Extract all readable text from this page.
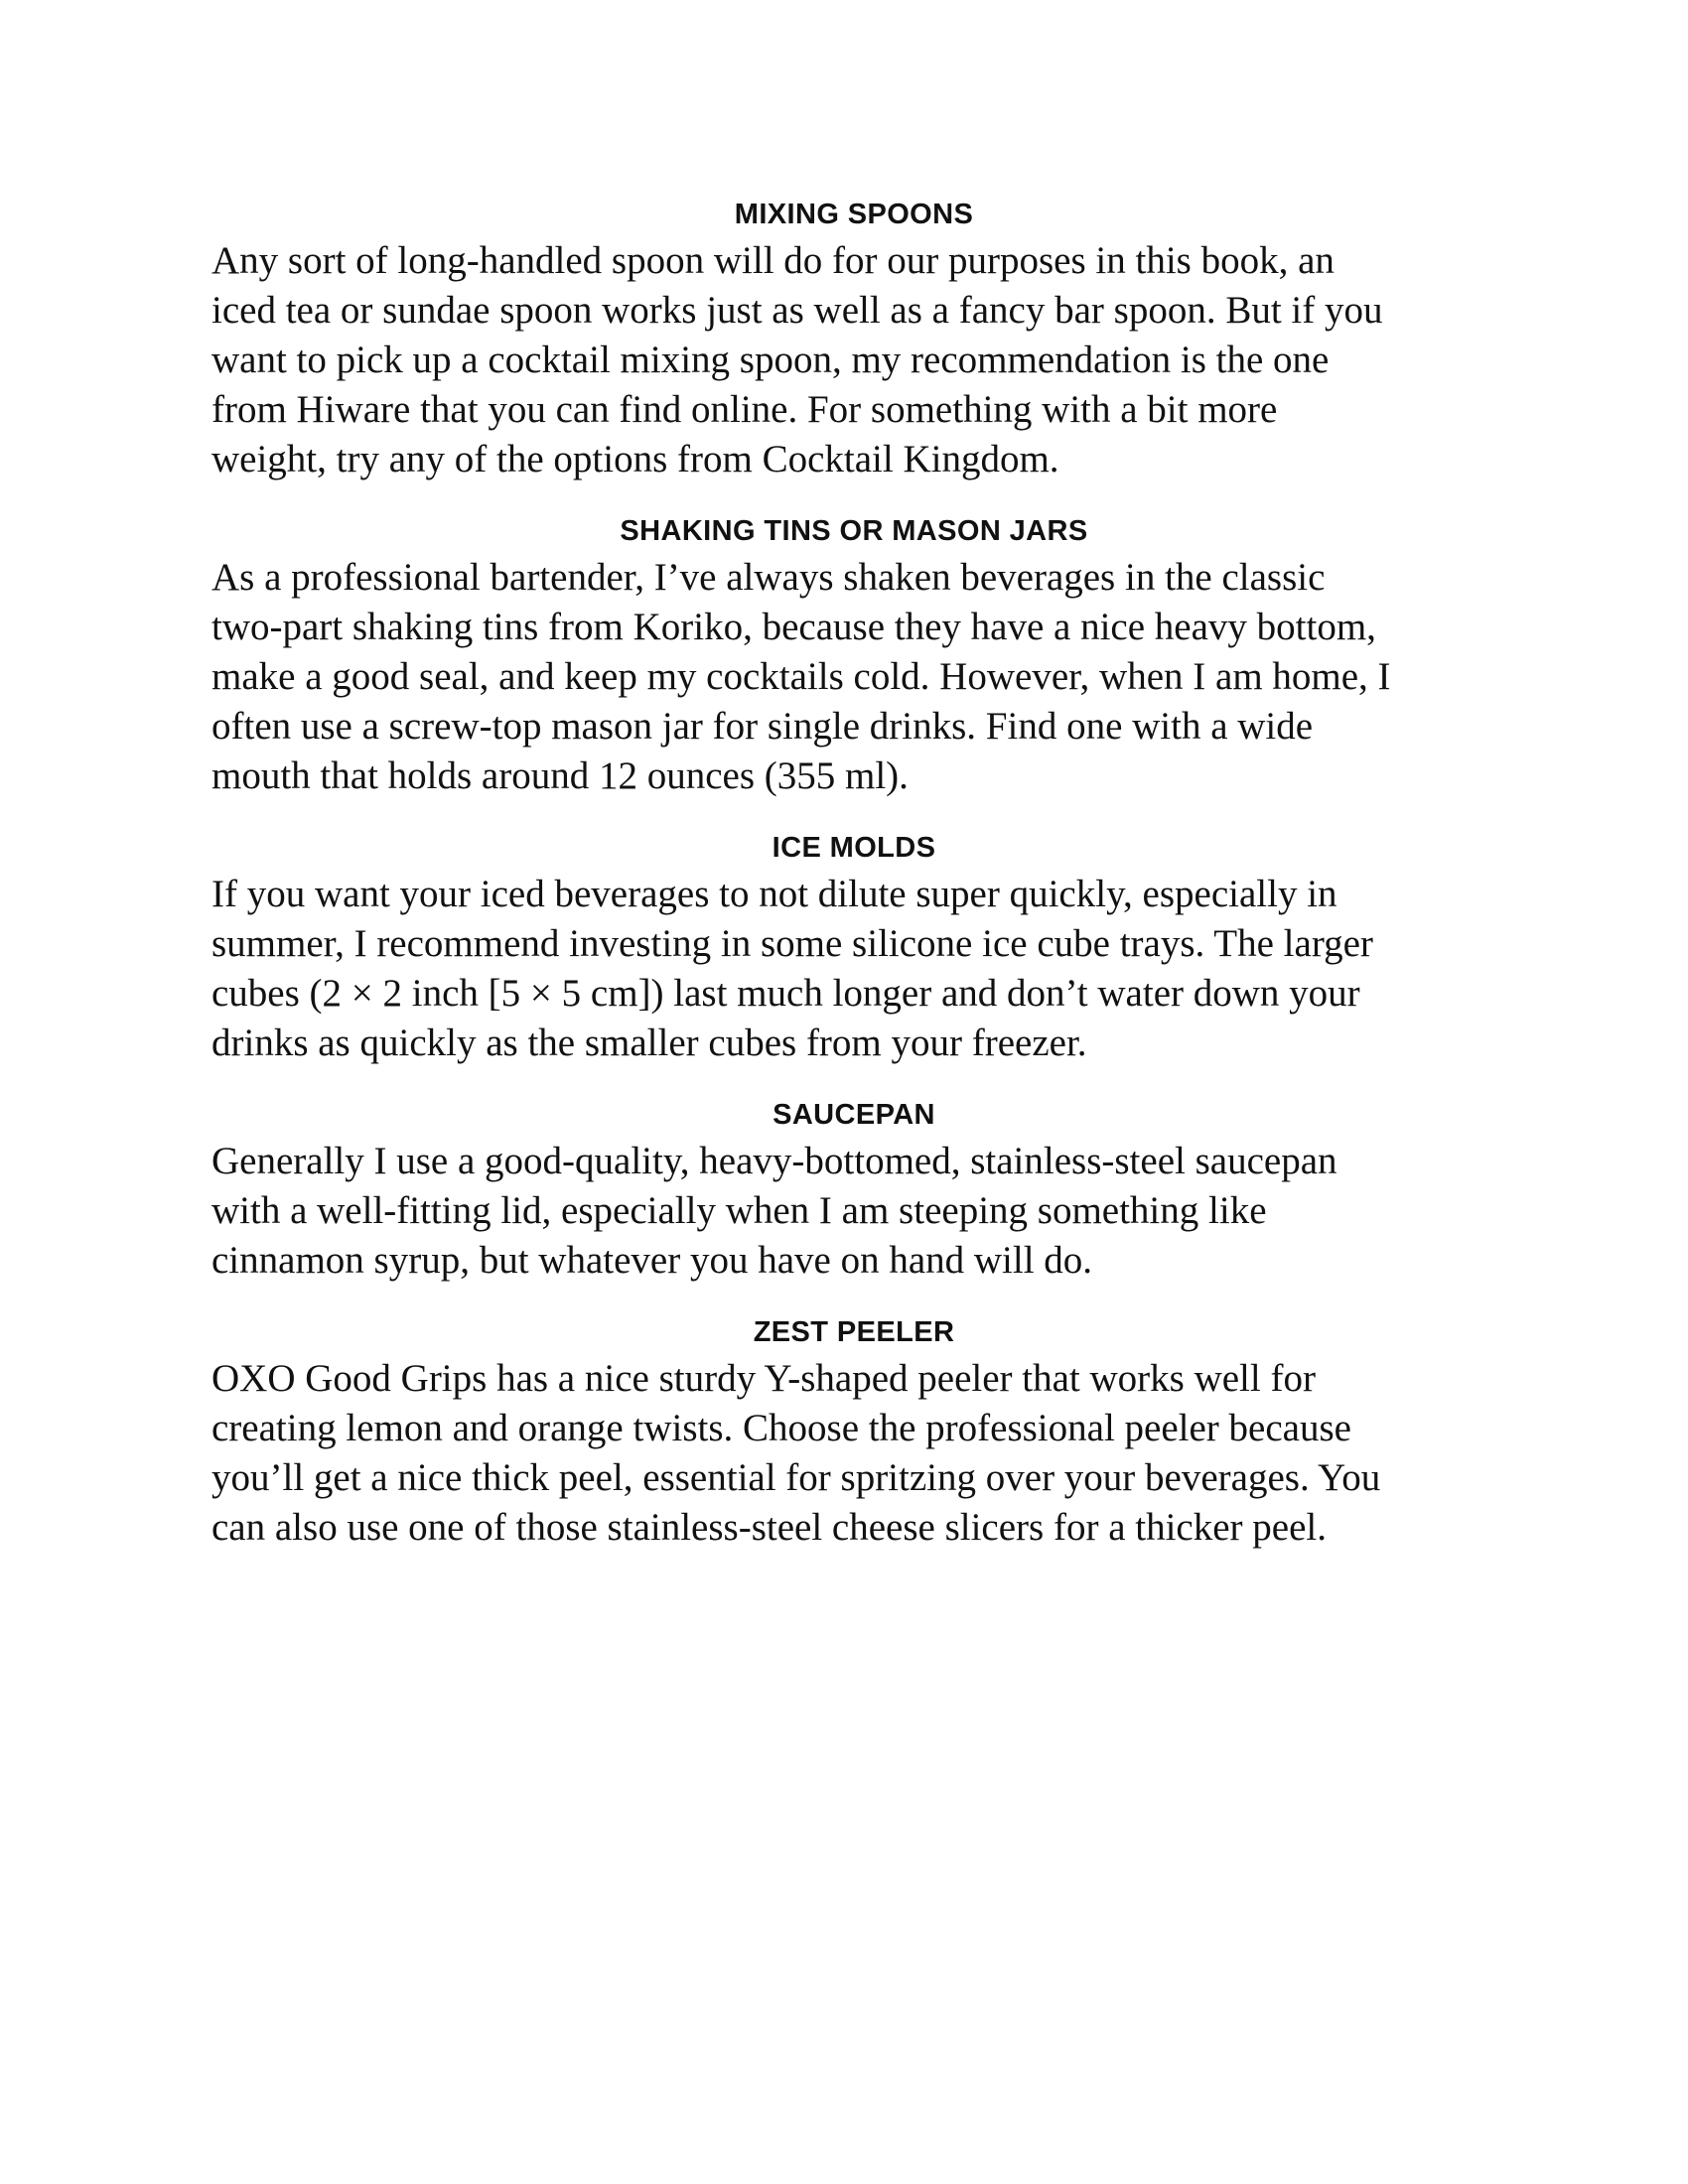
MIXING SPOONS

Any sort of long-handled spoon will do for our purposes in this book, an
iced tea or sundae spoon works just as well as a fancy bar spoon. But if you
want to pick up a cocktail mixing spoon, my recommendation is the one
from Hiware that you can find online. For something with a bit more
weight, try any of the options from Cocktail Kingdom.

SHAKING TINS OR MASON JARS

As a professional bartender, I’ve always shaken beverages in the classic
two-part shaking tins from Koriko, because they have a nice heavy bottom,
make a good seal, and keep my cocktails cold. However, when I am home, I
often use a screw-top mason jar for single drinks. Find one with a wide
mouth that holds around 12 ounces (355 ml).

ICE MOLDS

If you want your iced beverages to not dilute super quickly, especially in
summer, I recommend investing in some silicone ice cube trays. The larger
cubes (2 × 2 inch [5 × 5 cm]) last much longer and don’t water down your
drinks as quickly as the smaller cubes from your freezer.

SAUCEPAN

Generally I use a good-quality, heavy-bottomed, stainless-steel saucepan
with a well-fitting lid, especially when I am steeping something like
cinnamon syrup, but whatever you have on hand will do.

ZEST PEELER

OXO Good Grips has a nice sturdy Y-shaped peeler that works well for
creating lemon and orange twists. Choose the professional peeler because
you’ll get a nice thick peel, essential for spritzing over your beverages. You
can also use one of those stainless-steel cheese slicers for a thicker peel.
